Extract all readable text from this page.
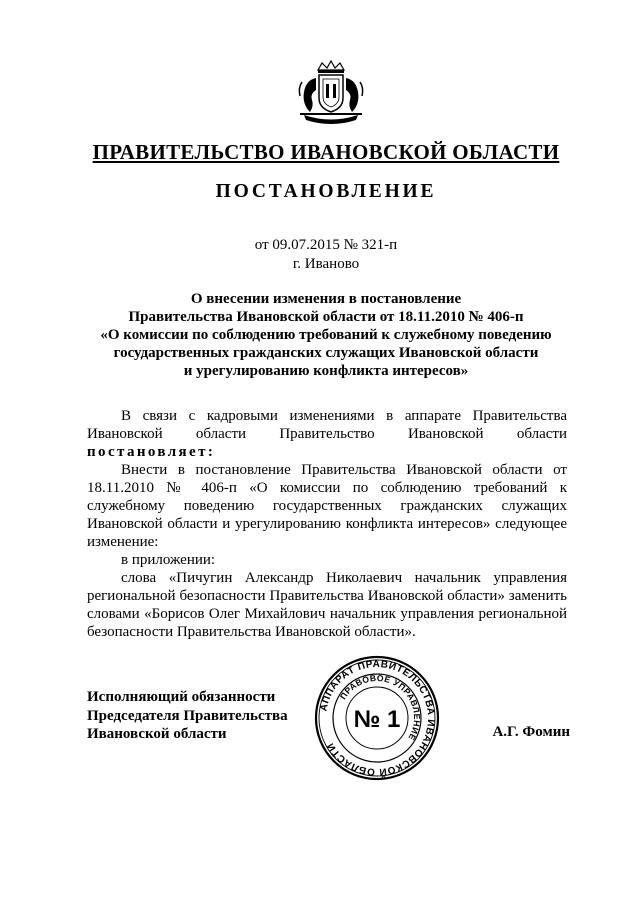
ПРАВИТЕЛЬСТВО ИВАНОВСКОЙ ОБЛАСТИ
ПОСТАНОВЛЕНИЕ
от 09.07.2015 № 321-п
г. Иваново
О внесении изменения в постановление
Правительства Ивановской области от 18.11.2010 № 406-п
«О комиссии по соблюдению требований к служебному поведению
государственных гражданских служащих Ивановской области
и урегулированию конфликта интересов»

В связи с кадровыми изменениями в аппарате Правительства Ивановской области Правительство Ивановской области постановляет:

Внести в постановление Правительства Ивановской области от 18.11.2010 № 406-п «О комиссии по соблюдению требований к служебному поведению государственных гражданских служащих Ивановской области и урегулированию конфликта интересов» следующее изменение:

в приложении:

слова «Пичугин Александр Николаевич начальник управления региональной безопасности Правительства Ивановской области» заменить словами «Борисов Олег Михайлович начальник управления региональной безопасности Правительства Ивановской области».

Исполняющий обязанности
Председателя Правительства
Ивановской области	А.Г. Фомин
АППАРАТ ПРАВИТЕЛЬСТВА ИВАНОВСКОЙ ОБЛАСТИ
ПРАВОВОЕ УПРАВЛЕНИЕ
№ 1
